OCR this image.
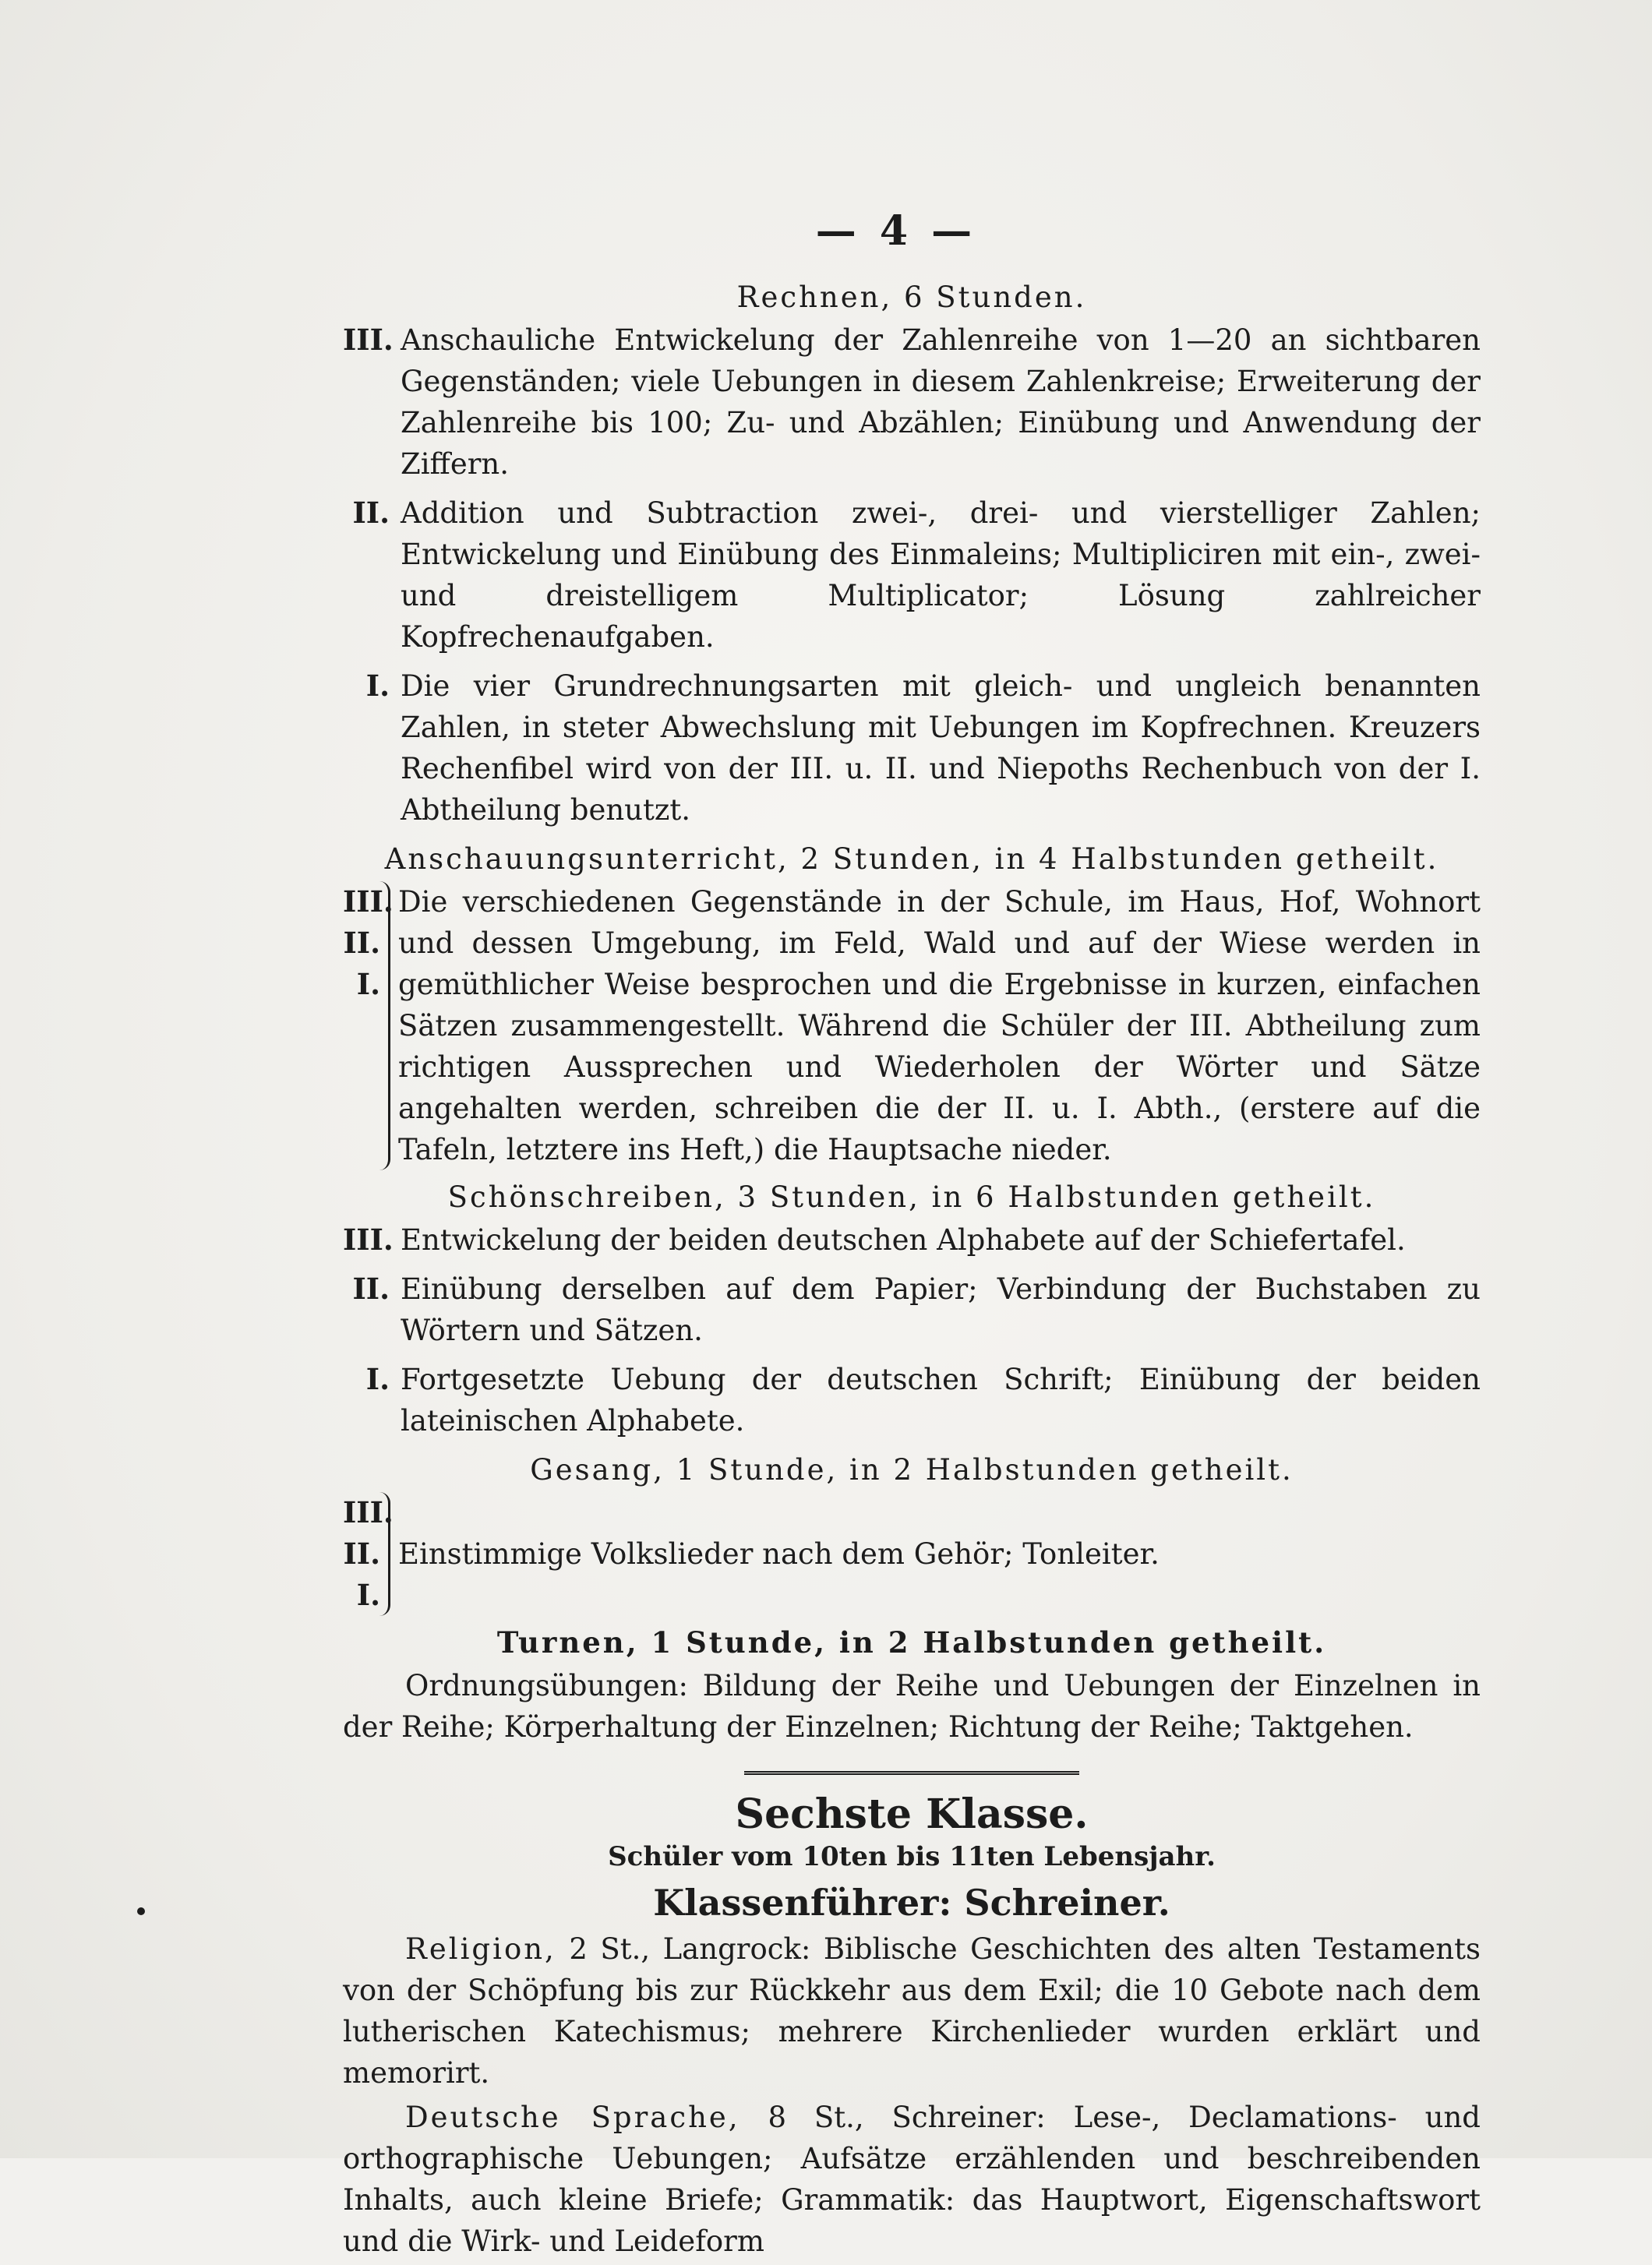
— 4 —
Rechnen, 6 Stunden.
III. Anschauliche Entwickelung der Zahlenreihe von 1—20 an sichtbaren Gegenständen; viele Uebungen in diesem Zahlenkreise; Erweiterung der Zahlenreihe bis 100; Zu- und Abzählen; Einübung und Anwendung der Ziffern.
II. Addition und Subtraction zwei-, drei- und vierstelliger Zahlen; Entwickelung und Einübung des Einmaleins; Multipliciren mit ein-, zwei- und dreistelligem Multiplicator; Lösung zahlreicher Kopfrechenaufgaben.
I. Die vier Grundrechnungsarten mit gleich- und ungleich benannten Zahlen, in steter Abwechslung mit Uebungen im Kopfrechnen. Kreuzers Rechenfibel wird von der III. u. II. und Niepoths Rechenbuch von der I. Abtheilung benutzt.
Anschauungsunterricht, 2 Stunden, in 4 Halbstunden getheilt.
III.
II.
I.
Die verschiedenen Gegenstände in der Schule, im Haus, Hof, Wohnort und dessen Umgebung, im Feld, Wald und auf der Wiese werden in gemüthlicher Weise besprochen und die Ergebnisse in kurzen, einfachen Sätzen zusammengestellt. Während die Schüler der III. Abtheilung zum richtigen Aussprechen und Wiederholen der Wörter und Sätze angehalten werden, schreiben die der II. u. I. Abth., (erstere auf die Tafeln, letztere ins Heft,) die Hauptsache nieder.
Schönschreiben, 3 Stunden, in 6 Halbstunden getheilt.
III. Entwickelung der beiden deutschen Alphabete auf der Schiefertafel.
II. Einübung derselben auf dem Papier; Verbindung der Buchstaben zu Wörtern und Sätzen.
I. Fortgesetzte Uebung der deutschen Schrift; Einübung der beiden lateinischen Alphabete.
Gesang, 1 Stunde, in 2 Halbstunden getheilt.
III.
II.
I.
Einstimmige Volkslieder nach dem Gehör; Tonleiter.
Turnen, 1 Stunde, in 2 Halbstunden getheilt.
Ordnungsübungen: Bildung der Reihe und Uebungen der Einzelnen in der Reihe; Körperhaltung der Einzelnen; Richtung der Reihe; Taktgehen.
Sechste Klasse.
Schüler vom 10ten bis 11ten Lebensjahr.
Klassenführer: Schreiner.
Religion, 2 St., Langrock: Biblische Geschichten des alten Testaments von der Schöpfung bis zur Rückkehr aus dem Exil; die 10 Gebote nach dem lutherischen Katechismus; mehrere Kirchenlieder wurden erklärt und memorirt.
Deutsche Sprache, 8 St., Schreiner: Lese-, Declamations- und orthographische Uebungen; Aufsätze erzählenden und beschreibenden Inhalts, auch kleine Briefe; Grammatik: das Hauptwort, Eigenschaftswort und die Wirk- und Leideform
